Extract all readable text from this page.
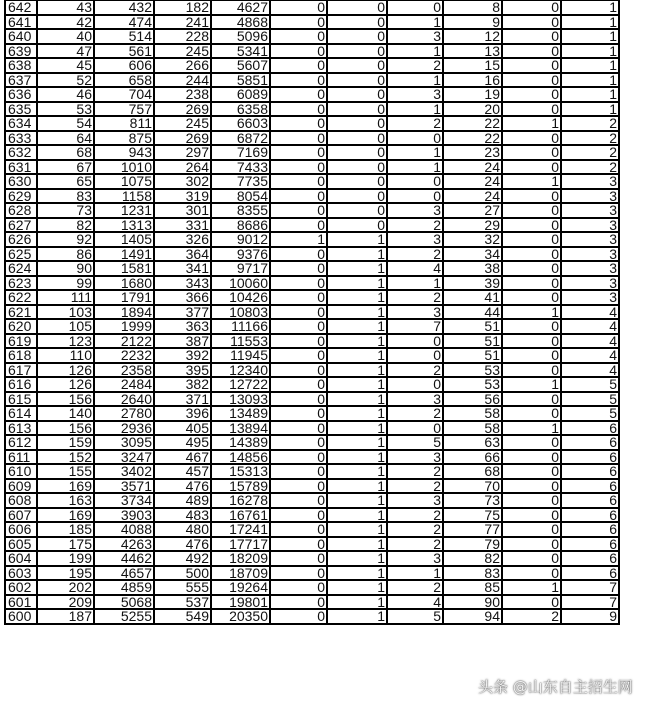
642	43	432	182	4627	0	0	0	8	0	1
641	42	474	241	4868	0	0	1	9	0	1
640	40	514	228	5096	0	0	3	12	0	1
639	47	561	245	5341	0	0	1	13	0	1
638	45	606	266	5607	0	0	2	15	0	1
637	52	658	244	5851	0	0	1	16	0	1
636	46	704	238	6089	0	0	3	19	0	1
635	53	757	269	6358	0	0	1	20	0	1
634	54	811	245	6603	0	0	2	22	1	2
633	64	875	269	6872	0	0	0	22	0	2
632	68	943	297	7169	0	0	1	23	0	2
631	67	1010	264	7433	0	0	1	24	0	2
630	65	1075	302	7735	0	0	0	24	1	3
629	83	1158	319	8054	0	0	0	24	0	3
628	73	1231	301	8355	0	0	3	27	0	3
627	82	1313	331	8686	0	0	2	29	0	3
626	92	1405	326	9012	1	1	3	32	0	3
625	86	1491	364	9376	0	1	2	34	0	3
624	90	1581	341	9717	0	1	4	38	0	3
623	99	1680	343	10060	0	1	1	39	0	3
622	111	1791	366	10426	0	1	2	41	0	3
621	103	1894	377	10803	0	1	3	44	1	4
620	105	1999	363	11166	0	1	7	51	0	4
619	123	2122	387	11553	0	1	0	51	0	4
618	110	2232	392	11945	0	1	0	51	0	4
617	126	2358	395	12340	0	1	2	53	0	4
616	126	2484	382	12722	0	1	0	53	1	5
615	156	2640	371	13093	0	1	3	56	0	5
614	140	2780	396	13489	0	1	2	58	0	5
613	156	2936	405	13894	0	1	0	58	1	6
612	159	3095	495	14389	0	1	5	63	0	6
611	152	3247	467	14856	0	1	3	66	0	6
610	155	3402	457	15313	0	1	2	68	0	6
609	169	3571	476	15789	0	1	2	70	0	6
608	163	3734	489	16278	0	1	3	73	0	6
607	169	3903	483	16761	0	1	2	75	0	6
606	185	4088	480	17241	0	1	2	77	0	6
605	175	4263	476	17717	0	1	2	79	0	6
604	199	4462	492	18209	0	1	3	82	0	6
603	195	4657	500	18709	0	1	1	83	0	6
602	202	4859	555	19264	0	1	2	85	1	7
601	209	5068	537	19801	0	1	4	90	0	7
600	187	5255	549	20350	0	1	5	94	2	9
头条 @山东自主招生网
